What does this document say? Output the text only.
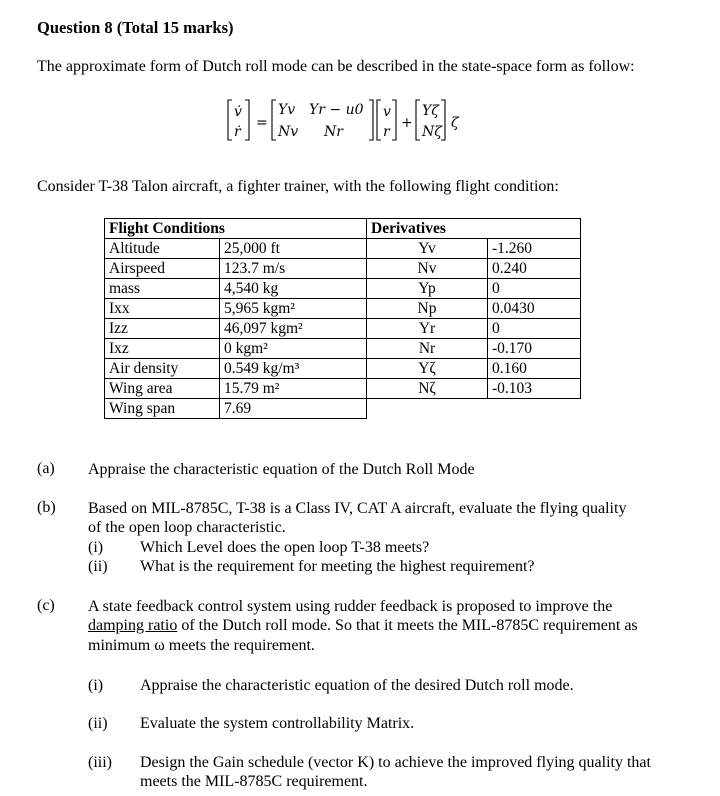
Question 8 (Total 15 marks)
The approximate form of Dutch roll mode can be described in the state-space form as follow:
v̇
ṙ
=
Yv Yr − u0
Nv Nr
v
r
+
Yζ
Nζ
ζ
Consider T-38 Talon aircraft, a fighter trainer, with the following flight condition:
Flight Conditions	
Altitude	25,000 ft
Airspeed	123.7 m/s
mass	4,540 kg
Ixx	5,965 kgm²
Izz	46,097 kgm²
Ixz	0 kgm²
Air density	0.549 kg/m³
Wing area	15.79 m²
Wing span	7.69
Derivatives	
Yv	-1.260
Nv	0.240
Yp	0
Np	0.0430
Yr	0
Nr	-0.170
Yζ	0.160
Nζ	-0.103
(a) Appraise the characteristic equation of the Dutch Roll Mode
(b) Based on MIL-8785C, T-38 is a Class IV, CAT A aircraft, evaluate the flying quality
of the open loop characteristic.
(i) Which Level does the open loop T-38 meets?
(ii) What is the requirement for meeting the highest requirement?
(c) A state feedback control system using rudder feedback is proposed to improve the
damping ratio of the Dutch roll mode. So that it meets the MIL-8785C requirement as
minimum ω meets the requirement.
(i) Appraise the characteristic equation of the desired Dutch roll mode.
(ii) Evaluate the system controllability Matrix.
(iii) Design the Gain schedule (vector K) to achieve the improved flying quality that
meets the MIL-8785C requirement.
